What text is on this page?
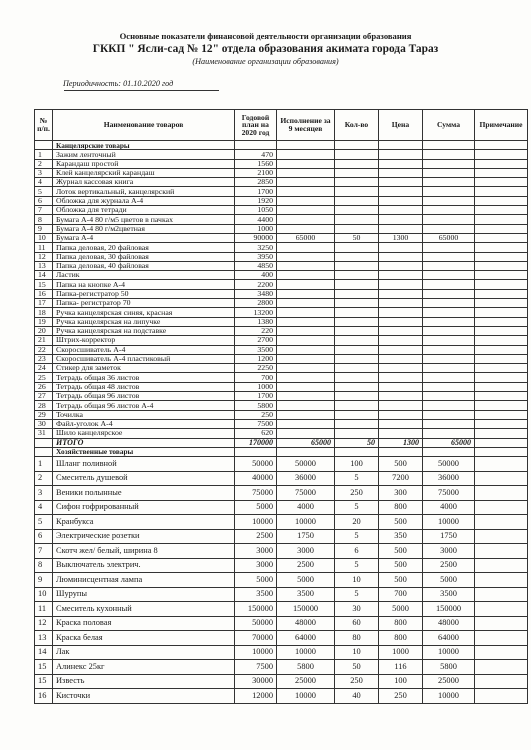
Основные показатели финансовой деятельности организации образования
ГККП " Ясли-сад № 12" отдела образования акимата города Тараз
(Наименование организации образования)
Периодичность: 01.10.2020 год
№ п/п.	Наименование товаров	Годовой план на 2020 год	Исполнение за 9 месяцев	Кол-во	Цена	Сумма	Примечание
	Канцелярские товары						
1	Зажим ленточный	470					
2	Карандаш простой	1560					
3	Клей канцелярский карандаш	2100					
4	Журнал кассовая книга	2850					
5	Лоток вертикальный, канцелярский	1700					
6	Обложка для журнала А-4	1920					
7	Обложка для тетради	1050					
8	Бумага А-4 80 г/м5 цветов в пачках	4400					
9	Бумага А-4 80 г/м2цветная	1000					
10	Бумага А-4	90000	65000	50	1300	65000	
11	Папка деловая, 20 файловая	3250					
12	Папка деловая, 30 файловая	3950					
13	Папка деловая, 40 файловая	4850					
14	Ластик	400					
15	Папка на кнопке А-4	2200					
16	Папка-регистратор 50	3480					
17	Папка- регистратор 70	2800					
18	Ручка канцелярская синяя, красная	13200					
19	Ручка канцелярская на липучке	1380					
20	Ручка канцелярская на подставке	220					
21	Штрих-корректор	2700					
22	Скоросшиватель А-4	3500					
23	Скоросшиватель А-4 пластиковый	1200					
24	Стикер для заметок	2250					
25	Тетрадь общая 36 листов	700					
26	Тетрадь общая 48 листов	1000					
27	Тетрадь общая 96 листов	1700					
28	Тетрадь общая 96 листов А-4	5800					
29	Точилка	250					
30	Файл-уголок А-4	7500					
31	Шило канцелярское	620					
	ИТОГО	170000	65000	50	1300	65000	
	Хозяйственные товары						
1	Шланг поливной	50000	50000	100	500	50000	
2	Смеситель душевой	40000	36000	5	7200	36000	
3	Веники полынные	75000	75000	250	300	75000	
4	Сифон гофрированный	5000	4000	5	800	4000	
5	Кранбукса	10000	10000	20	500	10000	
6	Электрические розетки	2500	1750	5	350	1750	
7	Скотч жел/ белый, ширина 8	3000	3000	6	500	3000	
8	Выключатель электрич.	3000	2500	5	500	2500	
9	Люминисцентная лампа	5000	5000	10	500	5000	
10	Шурупы	3500	3500	5	700	3500	
11	Смеситель кухонный	150000	150000	30	5000	150000	
12	Краска половая	50000	48000	60	800	48000	
13	Краска белая	70000	64000	80	800	64000	
14	Лак	10000	10000	10	1000	10000	
15	Алинекс 25кг	7500	5800	50	116	5800	
15	Известь	30000	25000	250	100	25000	
16	Кисточки	12000	10000	40	250	10000	
